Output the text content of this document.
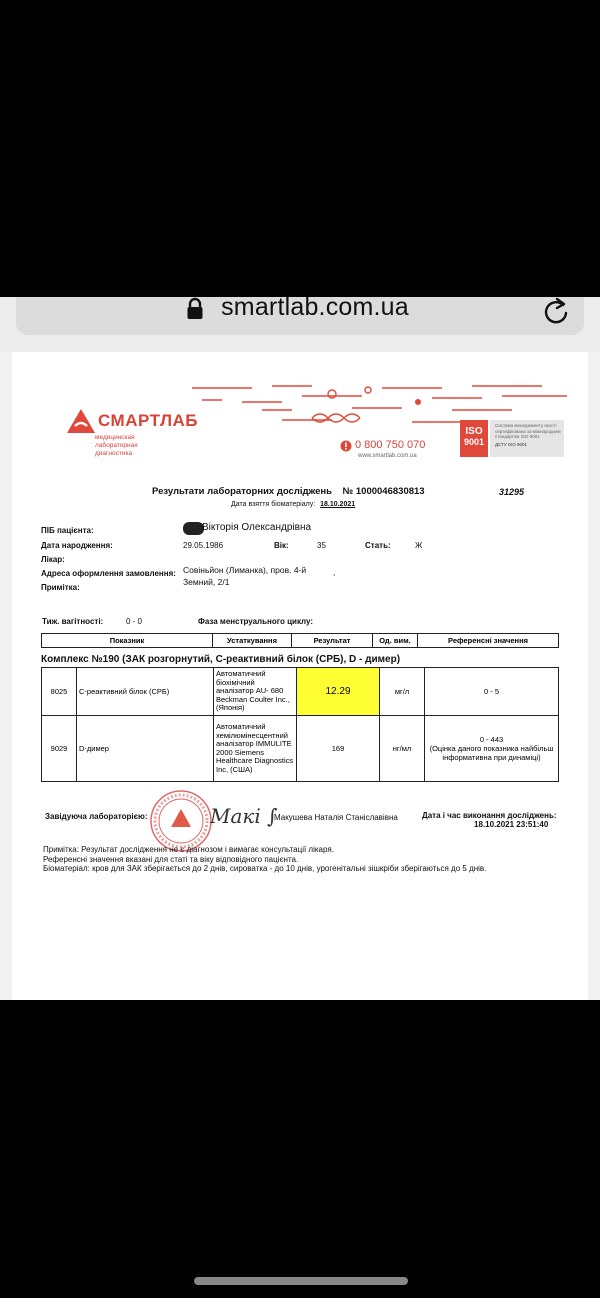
smartlab.com.ua
СМАРТЛАБ
медицинская
лабораторная
диагностика
0 800 750 070
www.smartlab.com.ua
ISO
9001
Система менеджменту якості сертифікована за міжнародним стандартом ISO 9001
ДСТУ ISO 9001
Результати лабораторних досліджень № 1000046830813	31295
Дата взяття біоматеріалу: 18.10.2021
ПІБ пацієнта:	Вікторія Олександрівна
Дата народження:	29.05.1986	Вік:	35	Стать:	Ж
Лікар:
Адреса оформлення замовлення: Совіньйон (Лиманка), пров. 4-й	,
Земний, 2/1
Примітка:
Тиж. вагітності:	0 - 0	Фаза менструального циклу:
Показник	Устаткування	Результат	Од. вим.	Референсні значення
Комплекс №190 (ЗАК розгорнутий, С-реактивний білок (СРБ), D - димер)
8025	С-реактивний білок (СРБ)	Автоматичний біохімічний аналізатор AU- 680 Beckman Coulter Inc., (Японія)	12.29	мг/л	0 - 5
9029	D-димер	Автоматичний хемілюмінесцентний аналізатор IMMULITE 2000 Siemens Healthcare Diagnostics Inc, (США)	169	нг/мл	0 - 443
(Оцінка даного показника найбільш інформативна при динаміці)
Завідуюча лабораторією:	Макі ∫
Макушева Наталія Станіславівна	Дата і час виконання досліджень:
18.10.2021 23:51:40
Примітка: Результат дослідження не є діагнозом і вимагає консультації лікаря.
Референсні значення вказані для статі та віку відповідного пацієнта.
Біоматеріал: кров для ЗАК зберігається до 2 днів, сироватка - до 10 днів, урогенітальні зішкріби зберігаються до 5 днів.
